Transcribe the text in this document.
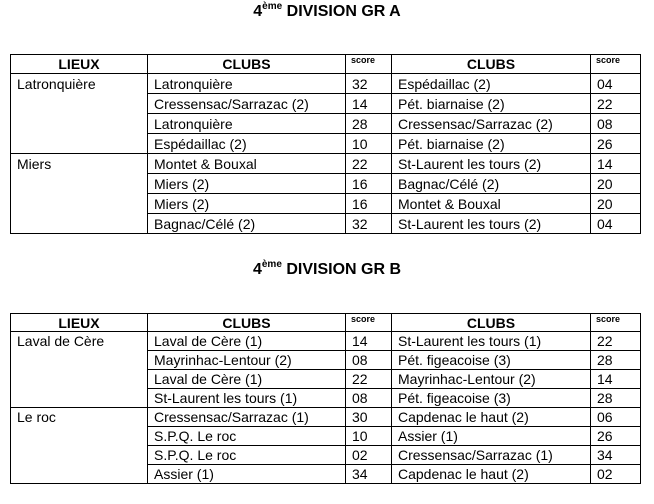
4ème DIVISION GR A
LIEUX	CLUBS	score	CLUBS	score
Latronquière	Latronquière	32	Espédaillac (2)	04
	Cressensac/Sarrazac (2)	14	Pét. biarnaise (2)	22
	Latronquière	28	Cressensac/Sarrazac (2)	08
	Espédaillac (2)	10	Pét. biarnaise (2)	26
Miers	Montet & Bouxal	22	St-Laurent les tours (2)	14
	Miers (2)	16	Bagnac/Célé (2)	20
	Miers (2)	16	Montet & Bouxal	20
	Bagnac/Célé (2)	32	St-Laurent les tours (2)	04
4ème DIVISION GR B
LIEUX	CLUBS	score	CLUBS	score
Laval de Cère	Laval de Cère (1)	14	St-Laurent les tours (1)	22
	Mayrinhac-Lentour (2)	08	Pét. figeacoise (3)	28
	Laval de Cère (1)	22	Mayrinhac-Lentour (2)	14
	St-Laurent les tours (1)	08	Pét. figeacoise (3)	28
Le roc	Cressensac/Sarrazac (1)	30	Capdenac le haut (2)	06
	S.P.Q. Le roc	10	Assier (1)	26
	S.P.Q. Le roc	02	Cressensac/Sarrazac (1)	34
	Assier (1)	34	Capdenac le haut (2)	02
